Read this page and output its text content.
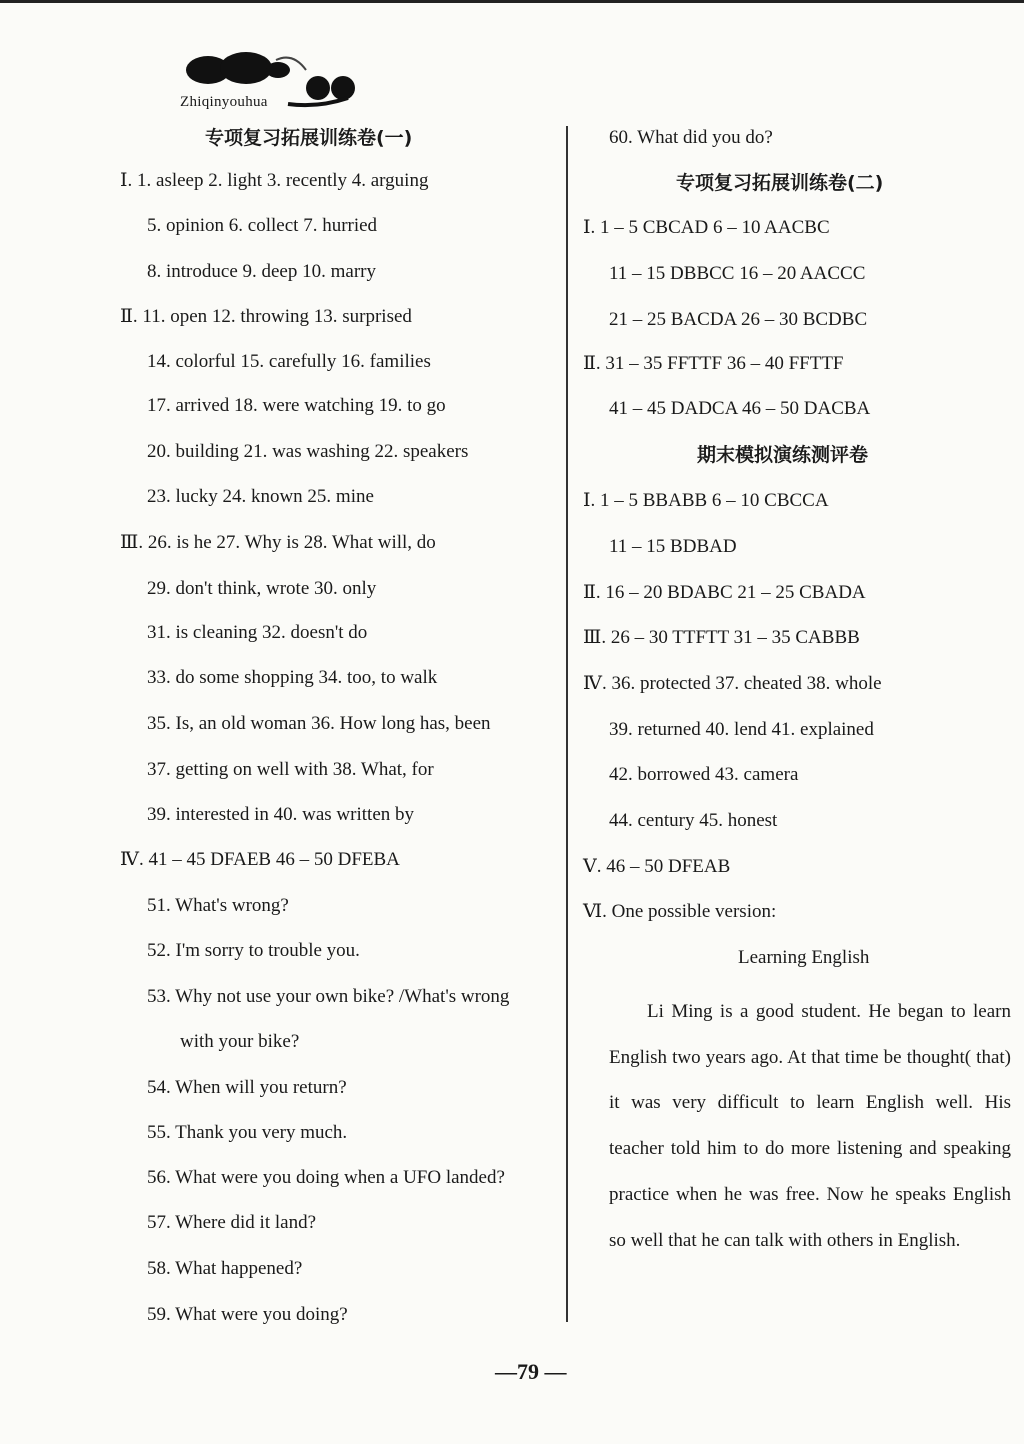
Zhiqinyouhua
专项复习拓展训练卷(一)
Ⅰ. 1. asleep 2. light 3. recently 4. arguing
5. opinion 6. collect 7. hurried
8. introduce 9. deep 10. marry
Ⅱ. 11. open 12. throwing 13. surprised
14. colorful 15. carefully 16. families
17. arrived 18. were watching 19. to go
20. building 21. was washing 22. speakers
23. lucky 24. known 25. mine
Ⅲ. 26. is he 27. Why is 28. What will, do
29. don't think, wrote 30. only
31. is cleaning 32. doesn't do
33. do some shopping 34. too, to walk
35. Is, an old woman 36. How long has, been
37. getting on well with 38. What, for
39. interested in 40. was written by
Ⅳ. 41 – 45 DFAEB 46 – 50 DFEBA
51. What's wrong?
52. I'm sorry to trouble you.
53. Why not use your own bike? /What's wrong
with your bike?
54. When will you return?
55. Thank you very much.
56. What were you doing when a UFO landed?
57. Where did it land?
58. What happened?
59. What were you doing?
60. What did you do?
专项复习拓展训练卷(二)
Ⅰ. 1 – 5 CBCAD 6 – 10 AACBC
11 – 15 DBBCC 16 – 20 AACCC
21 – 25 BACDA 26 – 30 BCDBC
Ⅱ. 31 – 35 FFTTF 36 – 40 FFTTF
41 – 45 DADCA 46 – 50 DACBA
期末模拟演练测评卷
Ⅰ. 1 – 5 BBABB 6 – 10 CBCCA
11 – 15 BDBAD
Ⅱ. 16 – 20 BDABC 21 – 25 CBADA
Ⅲ. 26 – 30 TTFTT 31 – 35 CABBB
Ⅳ. 36. protected 37. cheated 38. whole
39. returned 40. lend 41. explained
42. borrowed 43. camera
44. century 45. honest
Ⅴ. 46 – 50 DFEAB
Ⅵ. One possible version:
Learning English

Li Ming is a good student. He began to learn English two years ago. At that time be thought( that) it was very difficult to learn English well. His teacher told him to do more listening and speaking practice when he was free. Now he speaks English so well that he can talk with others in English.

—79 —
